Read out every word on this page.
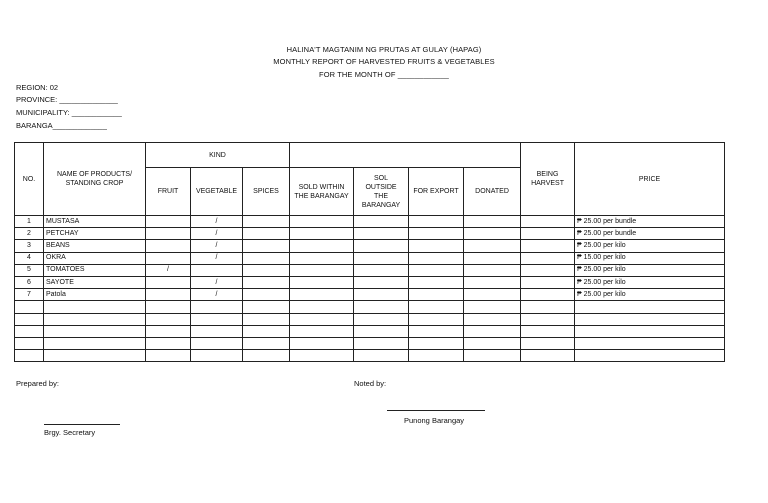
HALINA'T MAGTANIM NG PRUTAS AT GULAY (HAPAG)
MONTHLY REPORT OF HARVESTED FRUITS & VEGETABLES
FOR THE MONTH OF ____________
REGION: 02
PROVINCE: ______________
MUNICIPALITY: ____________
BARANGA_____________
NO.	NAME OF PRODUCTS/ STANDING CROP	KIND							BEING HARVEST	PRICE
		FRUIT	VEGETABLE	SPICES	SOLD WITHIN THE BARANGAY	SOL OUTSIDE THE BARANGAY	FOR EXPORT	DONATED		
1	MUSTASA		/							₱ 25.00 per bundle
2	PETCHAY		/							₱ 25.00 per bundle
3	BEANS		/							₱ 25.00 per kilo
4	OKRA		/							₱ 15.00 per kilo
5	TOMATOES	/								₱ 25.00 per kilo
6	SAYOTE		/							₱ 25.00 per kilo
7	Patola		/							₱ 25.00 per kilo

Prepared by:	Noted by:
Brgy. Secretary
Punong Barangay
